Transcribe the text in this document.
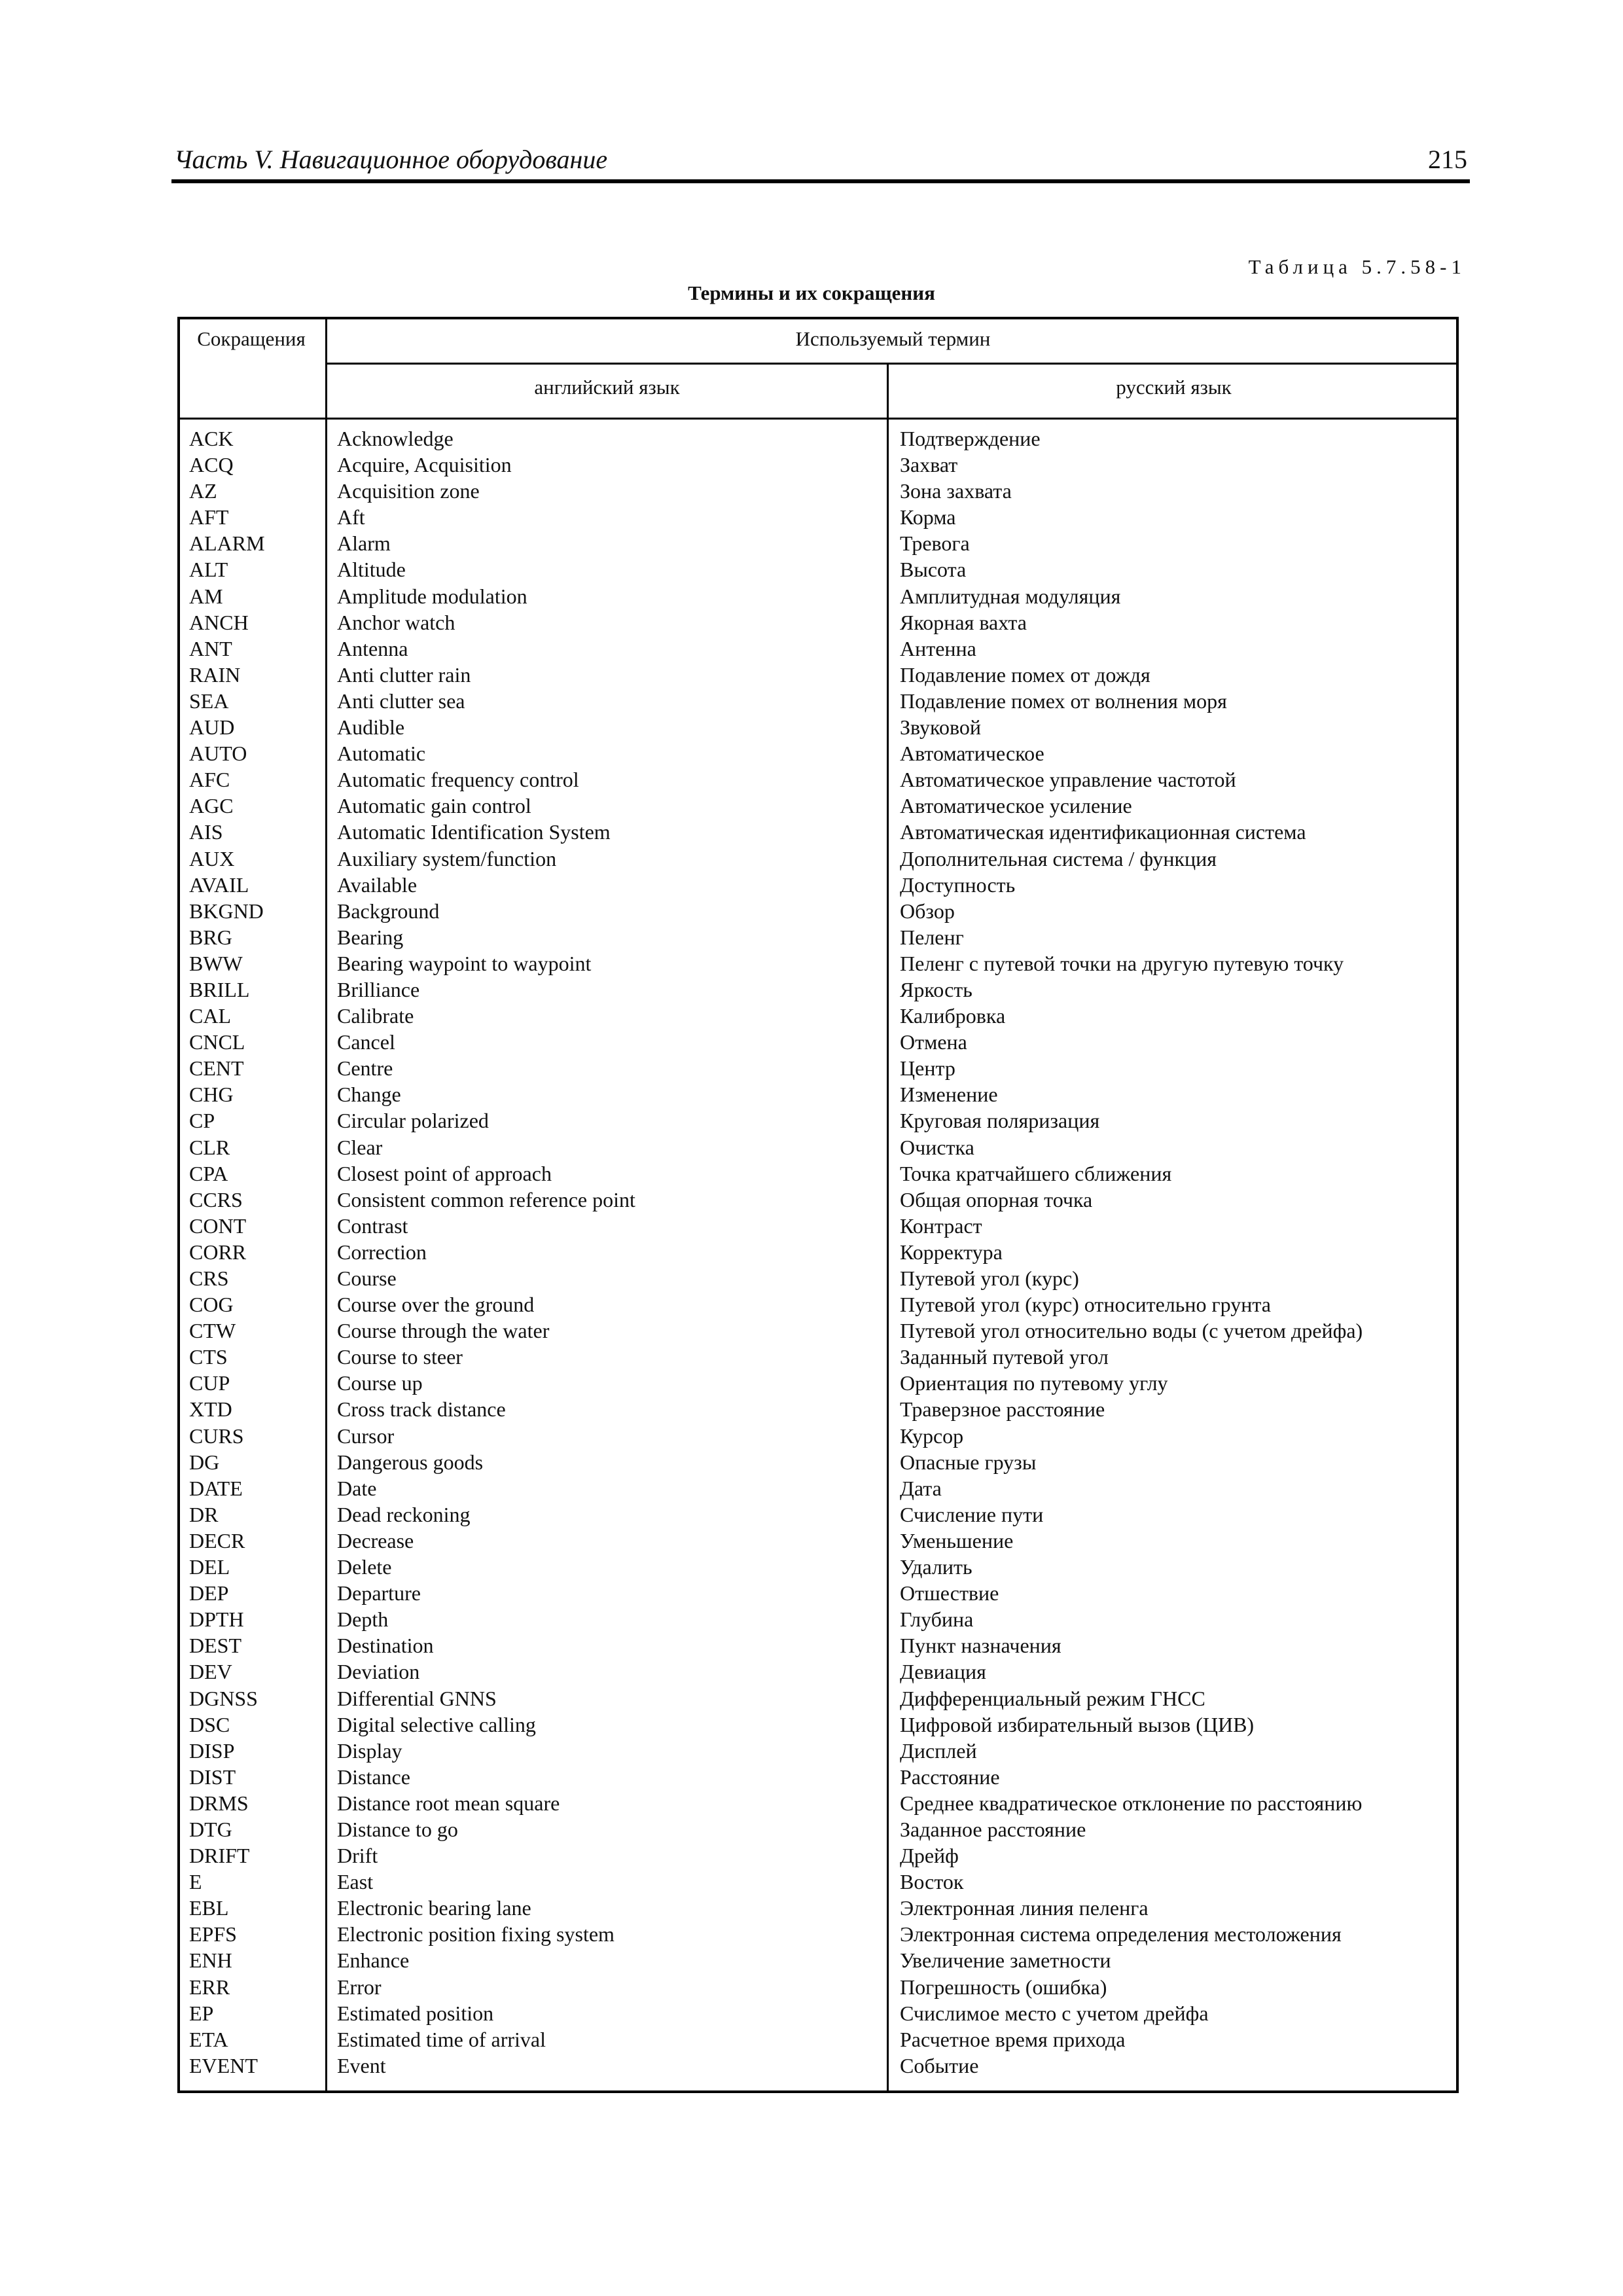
Часть V. Навигационное оборудование	215
Таблица 5.7.58-1
Термины и их сокращения
Сокращения	Используемый термин
английский язык	русский язык
ACK	Acknowledge	Подтверждение
ACQ	Acquire, Acquisition	Захват
AZ	Acquisition zone	Зона захвата
AFT	Aft	Корма
ALARM	Alarm	Тревога
ALT	Altitude	Высота
AM	Amplitude modulation	Амплитудная модуляция
ANCH	Anchor watch	Якорная вахта
ANT	Antenna	Антенна
RAIN	Anti clutter rain	Подавление помех от дождя
SEA	Anti clutter sea	Подавление помех от волнения моря
AUD	Audible	Звуковой
AUTO	Automatic	Автоматическое
AFC	Automatic frequency control	Автоматическое управление частотой
AGC	Automatic gain control	Автоматическое усиление
AIS	Automatic Identification System	Автоматическая идентификационная система
AUX	Auxiliary system/function	Дополнительная система / функция
AVAIL	Available	Доступность
BKGND	Background	Обзор
BRG	Bearing	Пеленг
BWW	Bearing waypoint to waypoint	Пеленг с путевой точки на другую путевую точку
BRILL	Brilliance	Яркость
CAL	Calibrate	Калибровка
CNCL	Cancel	Отмена
CENT	Centre	Центр
CHG	Change	Изменение
CP	Circular polarized	Круговая поляризация
CLR	Clear	Очистка
CPA	Closest point of approach	Точка кратчайшего сближения
CCRS	Consistent common reference point	Общая опорная точка
CONT	Contrast	Контраст
CORR	Correction	Корректура
CRS	Course	Путевой угол (курс)
COG	Course over the ground	Путевой угол (курс) относительно грунта
CTW	Course through the water	Путевой угол относительно воды (с учетом дрейфа)
CTS	Course to steer	Заданный путевой угол
CUP	Course up	Ориентация по путевому углу
XTD	Cross track distance	Траверзное расстояние
CURS	Cursor	Курсор
DG	Dangerous goods	Опасные грузы
DATE	Date	Дата
DR	Dead reckoning	Счисление пути
DECR	Decrease	Уменьшение
DEL	Delete	Удалить
DEP	Departure	Отшествие
DPTH	Depth	Глубина
DEST	Destination	Пункт назначения
DEV	Deviation	Девиация
DGNSS	Differential GNNS	Дифференциальный режим ГНСС
DSC	Digital selective calling	Цифровой избирательный вызов (ЦИВ)
DISP	Display	Дисплей
DIST	Distance	Расстояние
DRMS	Distance root mean square	Среднее квадратическое отклонение по расстоянию
DTG	Distance to go	Заданное расстояние
DRIFT	Drift	Дрейф
E	East	Восток
EBL	Electronic bearing lane	Электронная линия пеленга
EPFS	Electronic position fixing system	Электронная система определения местоложения
ENH	Enhance	Увеличение заметности
ERR	Error	Погрешность (ошибка)
EP	Estimated position	Счислимое место с учетом дрейфа
ETA	Estimated time of arrival	Расчетное время прихода
EVENT	Event	Событие
